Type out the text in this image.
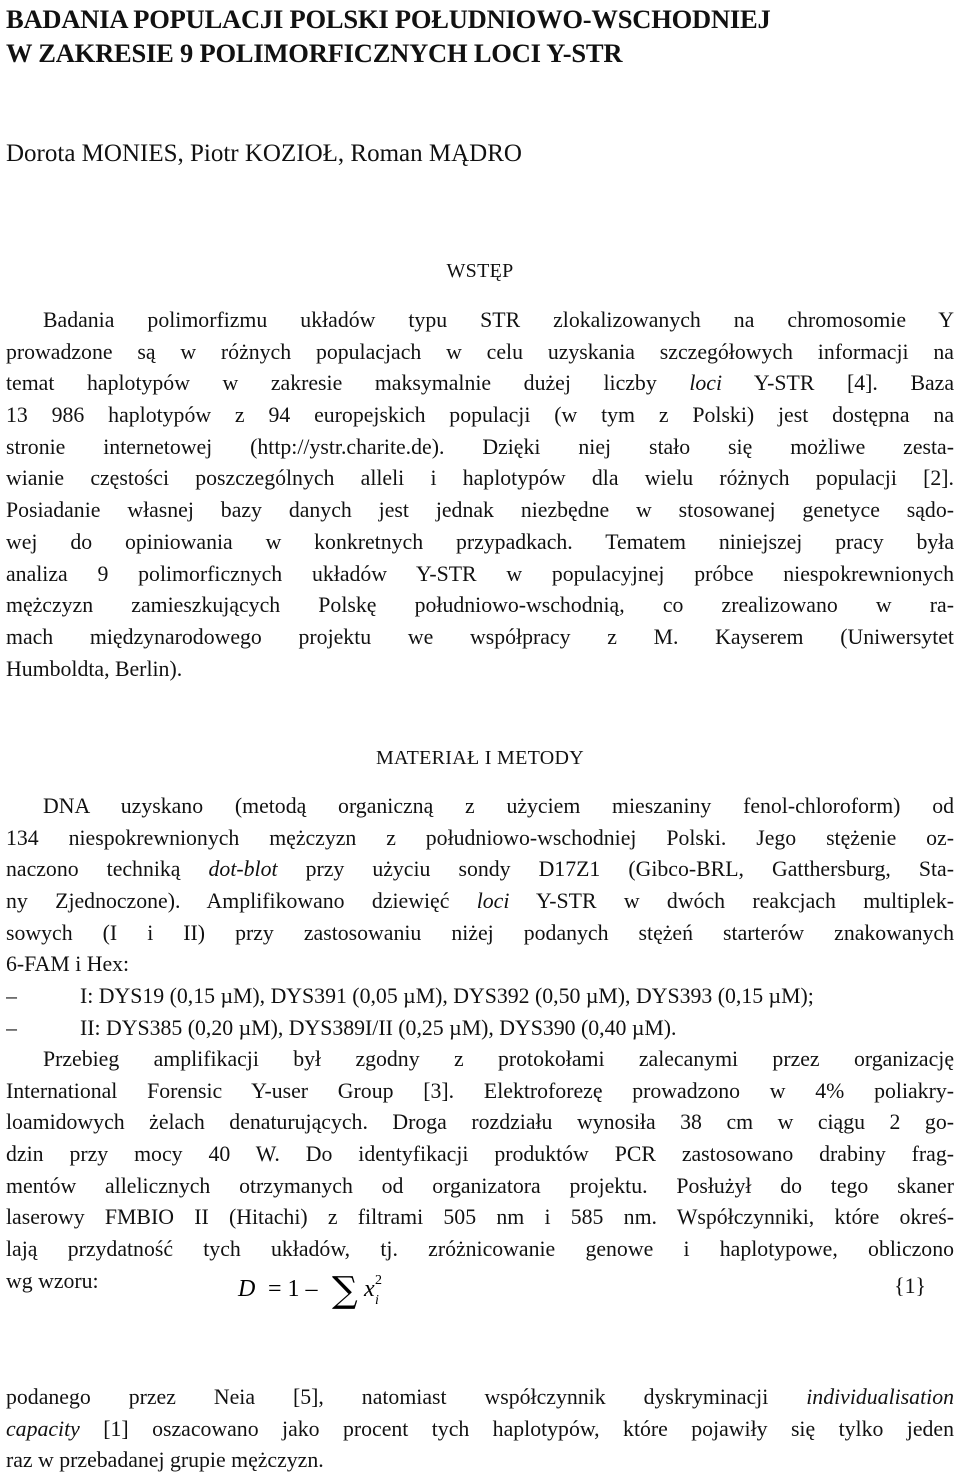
BADANIA POPULACJI POLSKI POŁUDNIOWO-WSCHODNIEJ
W ZAKRESIE 9 POLIMORFICZNYCH LOCI Y-STR
Dorota MONIES, Piotr KOZIOŁ, Roman MĄDRO
WSTĘP
Badania polimorfizmu układów typu STR zlokalizowanych na chromosomie Y
prowadzone są w różnych populacjach w celu uzyskania szczegółowych informacji na
temat haplotypów w zakresie maksymalnie dużej liczby loci Y-STR [4]. Baza
13 986 haplotypów z 94 europejskich populacji (w tym z Polski) jest dostępna na
stronie internetowej (http://ystr.charite.de). Dzięki niej stało się możliwe zesta-
wianie częstości poszczególnych alleli i haplotypów dla wielu różnych populacji [2].
Posiadanie własnej bazy danych jest jednak niezbędne w stosowanej genetyce sądo-
wej do opiniowania w konkretnych przypadkach. Tematem niniejszej pracy była
analiza 9 polimorficznych układów Y-STR w populacyjnej próbce niespokrewnionych
mężczyzn zamieszkujących Polskę południowo-wschodnią, co zrealizowano w ra-
mach międzynarodowego projektu we współpracy z M. Kayserem (Uniwersytet
Humboldta, Berlin).
MATERIAŁ I METODY
DNA uzyskano (metodą organiczną z użyciem mieszaniny fenol-chloroform) od
134 niespokrewnionych mężczyzn z południowo-wschodniej Polski. Jego stężenie oz-
naczono techniką dot-blot przy użyciu sondy D17Z1 (Gibco-BRL, Gatthersburg, Sta-
ny Zjednoczone). Amplifikowano dziewięć loci Y-STR w dwóch reakcjach multiplek-
sowych (I i II) przy zastosowaniu niżej podanych stężeń starterów znakowanych
6-FAM i Hex:
–	I: DYS19 (0,15 µM), DYS391 (0,05 µM), DYS392 (0,50 µM), DYS393 (0,15 µM);
–	II: DYS385 (0,20 µM), DYS389I/II (0,25 µM), DYS390 (0,40 µM).
Przebieg amplifikacji był zgodny z protokołami zalecanymi przez organizację
International Forensic Y-user Group [3]. Elektroforezę prowadzono w 4% poliakry-
loamidowych żelach denaturujących. Droga rozdziału wynosiła 38 cm w ciągu 2 go-
dzin przy mocy 40 W. Do identyfikacji produktów PCR zastosowano drabiny frag-
mentów allelicznych otrzymanych od organizatora projektu. Posłużył do tego skaner
laserowy FMBIO II (Hitachi) z filtrami 505 nm i 585 nm. Współczynniki, które okreś-
lają przydatność tych układów, tj. zróżnicowanie genowe i haplotypowe, obliczono
wg wzoru:	D = 1 – ∑ x i
2	{1}
podanego przez Neia [5], natomiast współczynnik dyskryminacji individualisation
capacity [1] oszacowano jako procent tych haplotypów, które pojawiły się tylko jeden
raz w przebadanej grupie mężczyzn.
